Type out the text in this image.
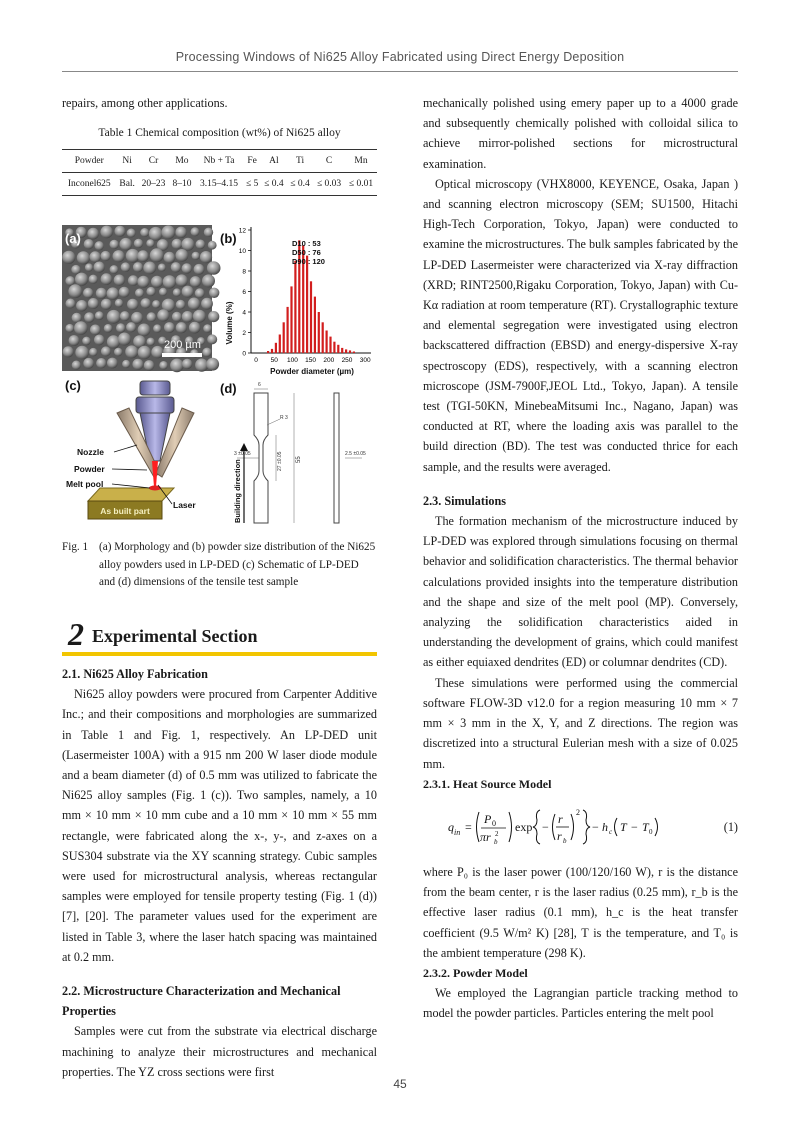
Processing Windows of Ni625 Alloy Fabricated using Direct Energy Deposition

repairs, among other applications.

Table 1 Chemical composition (wt%) of Ni625 alloy
Powder	Ni	Cr	Mo	Nb + Ta	Fe	Al	Ti	C	Mn
Inconel625	Bal.	20–23	8–10	3.15–4.15	≤ 5	≤ 0.4	≤ 0.4	≤ 0.03	≤ 0.01
200 µm
(a)	(b)
Volume (%)
0
2
4
6
8
10
12
0 50 100 150 200 250 300
D10 : 53
D50 : 76
D90 : 120
Powder diameter (µm)
(c)
As built part
Nozzle
Powder
Melt pool
Laser
(d)	6
R 3
3 ±0.05	2.5 ±0.05
27 ±0.05 55
Building direction
Fig. 1 (a) Morphology and (b) powder size distribution of the Ni625 alloy powders used in LP-DED (c) Schematic of LP-DED and (d) dimensions of the tensile test sample
2 Experimental Section
2.1. Ni625 Alloy Fabrication

Ni625 alloy powders were procured from Carpenter Additive Inc.; and their compositions and morphologies are summarized in Table 1 and Fig. 1, respectively. An LP-DED unit (Lasermeister 100A) with a 915 nm 200 W laser diode module and a beam diameter (d) of 0.5 mm was utilized to fabricate the Ni625 alloy samples (Fig. 1 (c)). Two samples, namely, a 10 mm × 10 mm × 10 mm cube and a 10 mm × 10 mm × 55 mm rectangle, were fabricated along the x-, y-, and z-axes on a SUS304 substrate via the XY scanning strategy. Cubic samples were used for microstructural analysis, whereas rectangular samples were employed for tensile property testing (Fig. 1 (d)) [7], [20]. The parameter values used for the experiment are listed in Table 3, where the laser hatch spacing was maintained at 0.2 mm.

2.2. Microstructure Characterization and Mechanical Properties

Samples were cut from the substrate via electrical discharge machining to analyze their microstructures and mechanical properties. The YZ cross sections were first

mechanically polished using emery paper up to a 4000 grade and subsequently chemically polished with colloidal silica to achieve mirror-polished sections for microstructural examination.

Optical microscopy (VHX8000, KEYENCE, Osaka, Japan ) and scanning electron microscopy (SEM; SU1500, Hitachi High-Tech Corporation, Tokyo, Japan) were conducted to examine the microstructures. The bulk samples fabricated by the LP-DED Lasermeister were characterized via X-ray diffraction (XRD; RINT2500,Rigaku Corporation, Tokyo, Japan) with Cu-Kα radiation at room temperature (RT). Crystallographic texture and elemental segregation were investigated using electron backscattered diffraction (EBSD) and energy-dispersive X-ray spectroscopy (EDS), respectively, with a scanning electron microscope (JSM-7900F,JEOL Ltd., Tokyo, Japan). A tensile test (TGI-50KN, MinebeaMitsumi Inc., Nagano, Japan) was conducted at RT, where the loading axis was parallel to the build direction (BD). The test was conducted thrice for each sample, and the results were averaged.

2.3. Simulations

The formation mechanism of the microstructure induced by LP-DED was explored through simulations focusing on thermal behavior and solidification characteristics. The thermal behavior calculations provided insights into the temperature distribution and the shape and size of the melt pool (MP). Conversely, analyzing the solidification characteristics aided in understanding the development of grains, which could manifest as either equiaxed dendrites (ED) or columnar dendrites (CD).

These simulations were performed using the commercial software FLOW-3D v12.0 for a region measuring 10 mm × 7 mm × 3 mm in the X, Y, and Z directions. The region was discretized into a structural Eulerian mesh with a size of 0.025 mm.

2.3.1. Heat Source Model
q in =
P 0
πr b
2 exp −
r
r b
2
− h c T − T 0	(1)

where P₀ is the laser power (100/120/160 W), r is the distance from the beam center, r is the laser radius (0.25 mm), r_b is the effective laser radius (0.1 mm), h_c is the heat transfer coefficient (9.5 W/m² K) [28], T is the temperature, and T₀ is the ambient temperature (298 K).

2.3.2. Powder Model

We employed the Lagrangian particle tracking method to model the powder particles. Particles entering the melt pool

45
